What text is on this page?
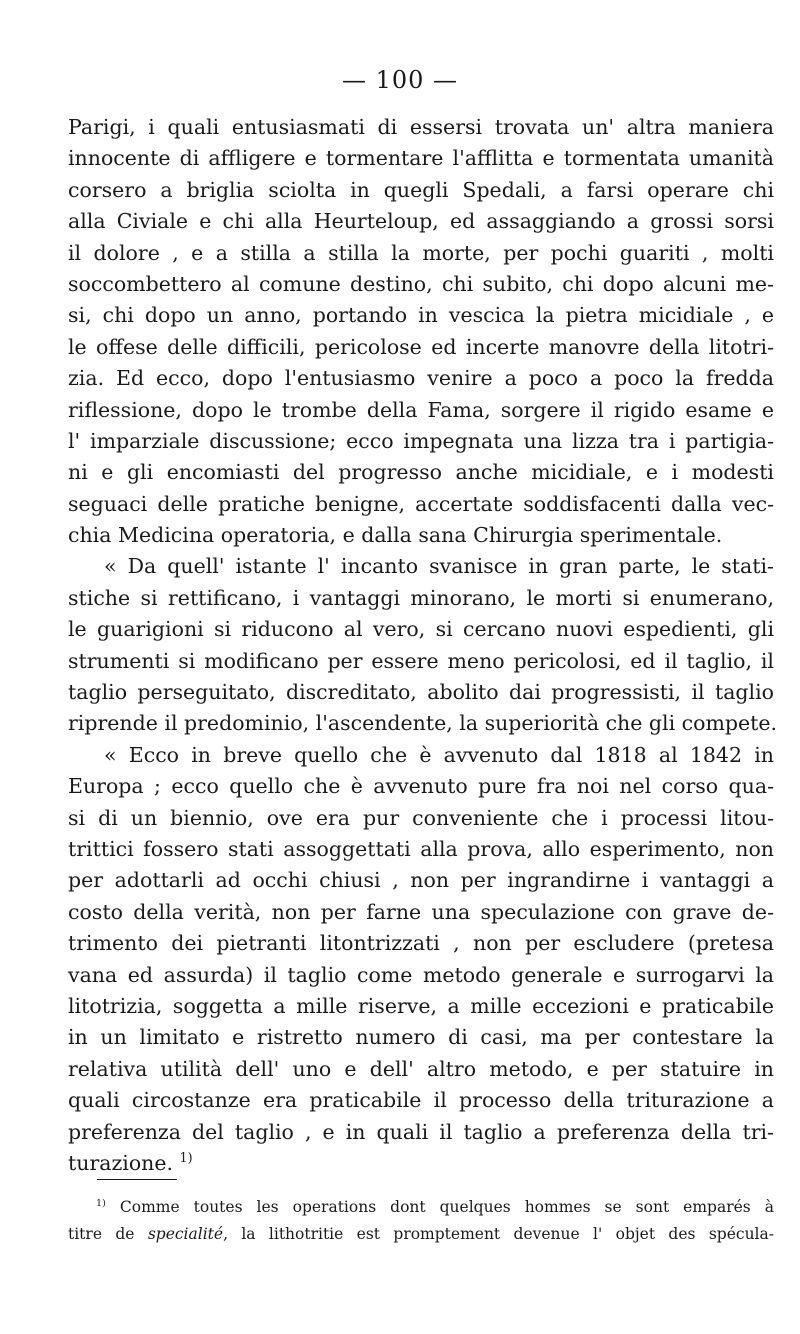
— 100 —
Parigi, i quali entusiasmati di essersi trovata un' altra maniera
innocente di affligere e tormentare l'afflitta e tormentata umanità
corsero a briglia sciolta in quegli Spedali, a farsi operare chi
alla Civiale e chi alla Heurteloup, ed assaggiando a grossi sorsi
il dolore , e a stilla a stilla la morte, per pochi guariti , molti
soccombettero al comune destino, chi subito, chi dopo alcuni me-
si, chi dopo un anno, portando in vescica la pietra micidiale , e
le offese delle difficili, pericolose ed incerte manovre della litotri-
zia. Ed ecco, dopo l'entusiasmo venire a poco a poco la fredda
riflessione, dopo le trombe della Fama, sorgere il rigido esame e
l' imparziale discussione; ecco impegnata una lizza tra i partigia-
ni e gli encomiasti del progresso anche micidiale, e i modesti
seguaci delle pratiche benigne, accertate soddisfacenti dalla vec-
chia Medicina operatoria, e dalla sana Chirurgia sperimentale.
« Da quell' istante l' incanto svanisce in gran parte, le stati-
stiche si rettificano, i vantaggi minorano, le morti si enumerano,
le guarigioni si riducono al vero, si cercano nuovi espedienti, gli
strumenti si modificano per essere meno pericolosi, ed il taglio, il
taglio perseguitato, discreditato, abolito dai progressisti, il taglio
riprende il predominio, l'ascendente, la superiorità che gli compete.
« Ecco in breve quello che è avvenuto dal 1818 al 1842 in
Europa ; ecco quello che è avvenuto pure fra noi nel corso qua-
si di un biennio, ove era pur conveniente che i processi litou-
trittici fossero stati assoggettati alla prova, allo esperimento, non
per adottarli ad occhi chiusi , non per ingrandirne i vantaggi a
costo della verità, non per farne una speculazione con grave de-
trimento dei pietranti litontrizzati , non per escludere (pretesa
vana ed assurda) il taglio come metodo generale e surrogarvi la
litotrizia, soggetta a mille riserve, a mille eccezioni e praticabile
in un limitato e ristretto numero di casi, ma per contestare la
relativa utilità dell' uno e dell' altro metodo, e per statuire in
quali circostanze era praticabile il processo della triturazione a
preferenza del taglio , e in quali il taglio a preferenza della tri-
turazione. $^{1)}$
$^{1)}$ Comme toutes les operations dont quelques hommes se sont emparés à
titre de specialité, la lithotritie est promptement devenue l' objet des spécula-
